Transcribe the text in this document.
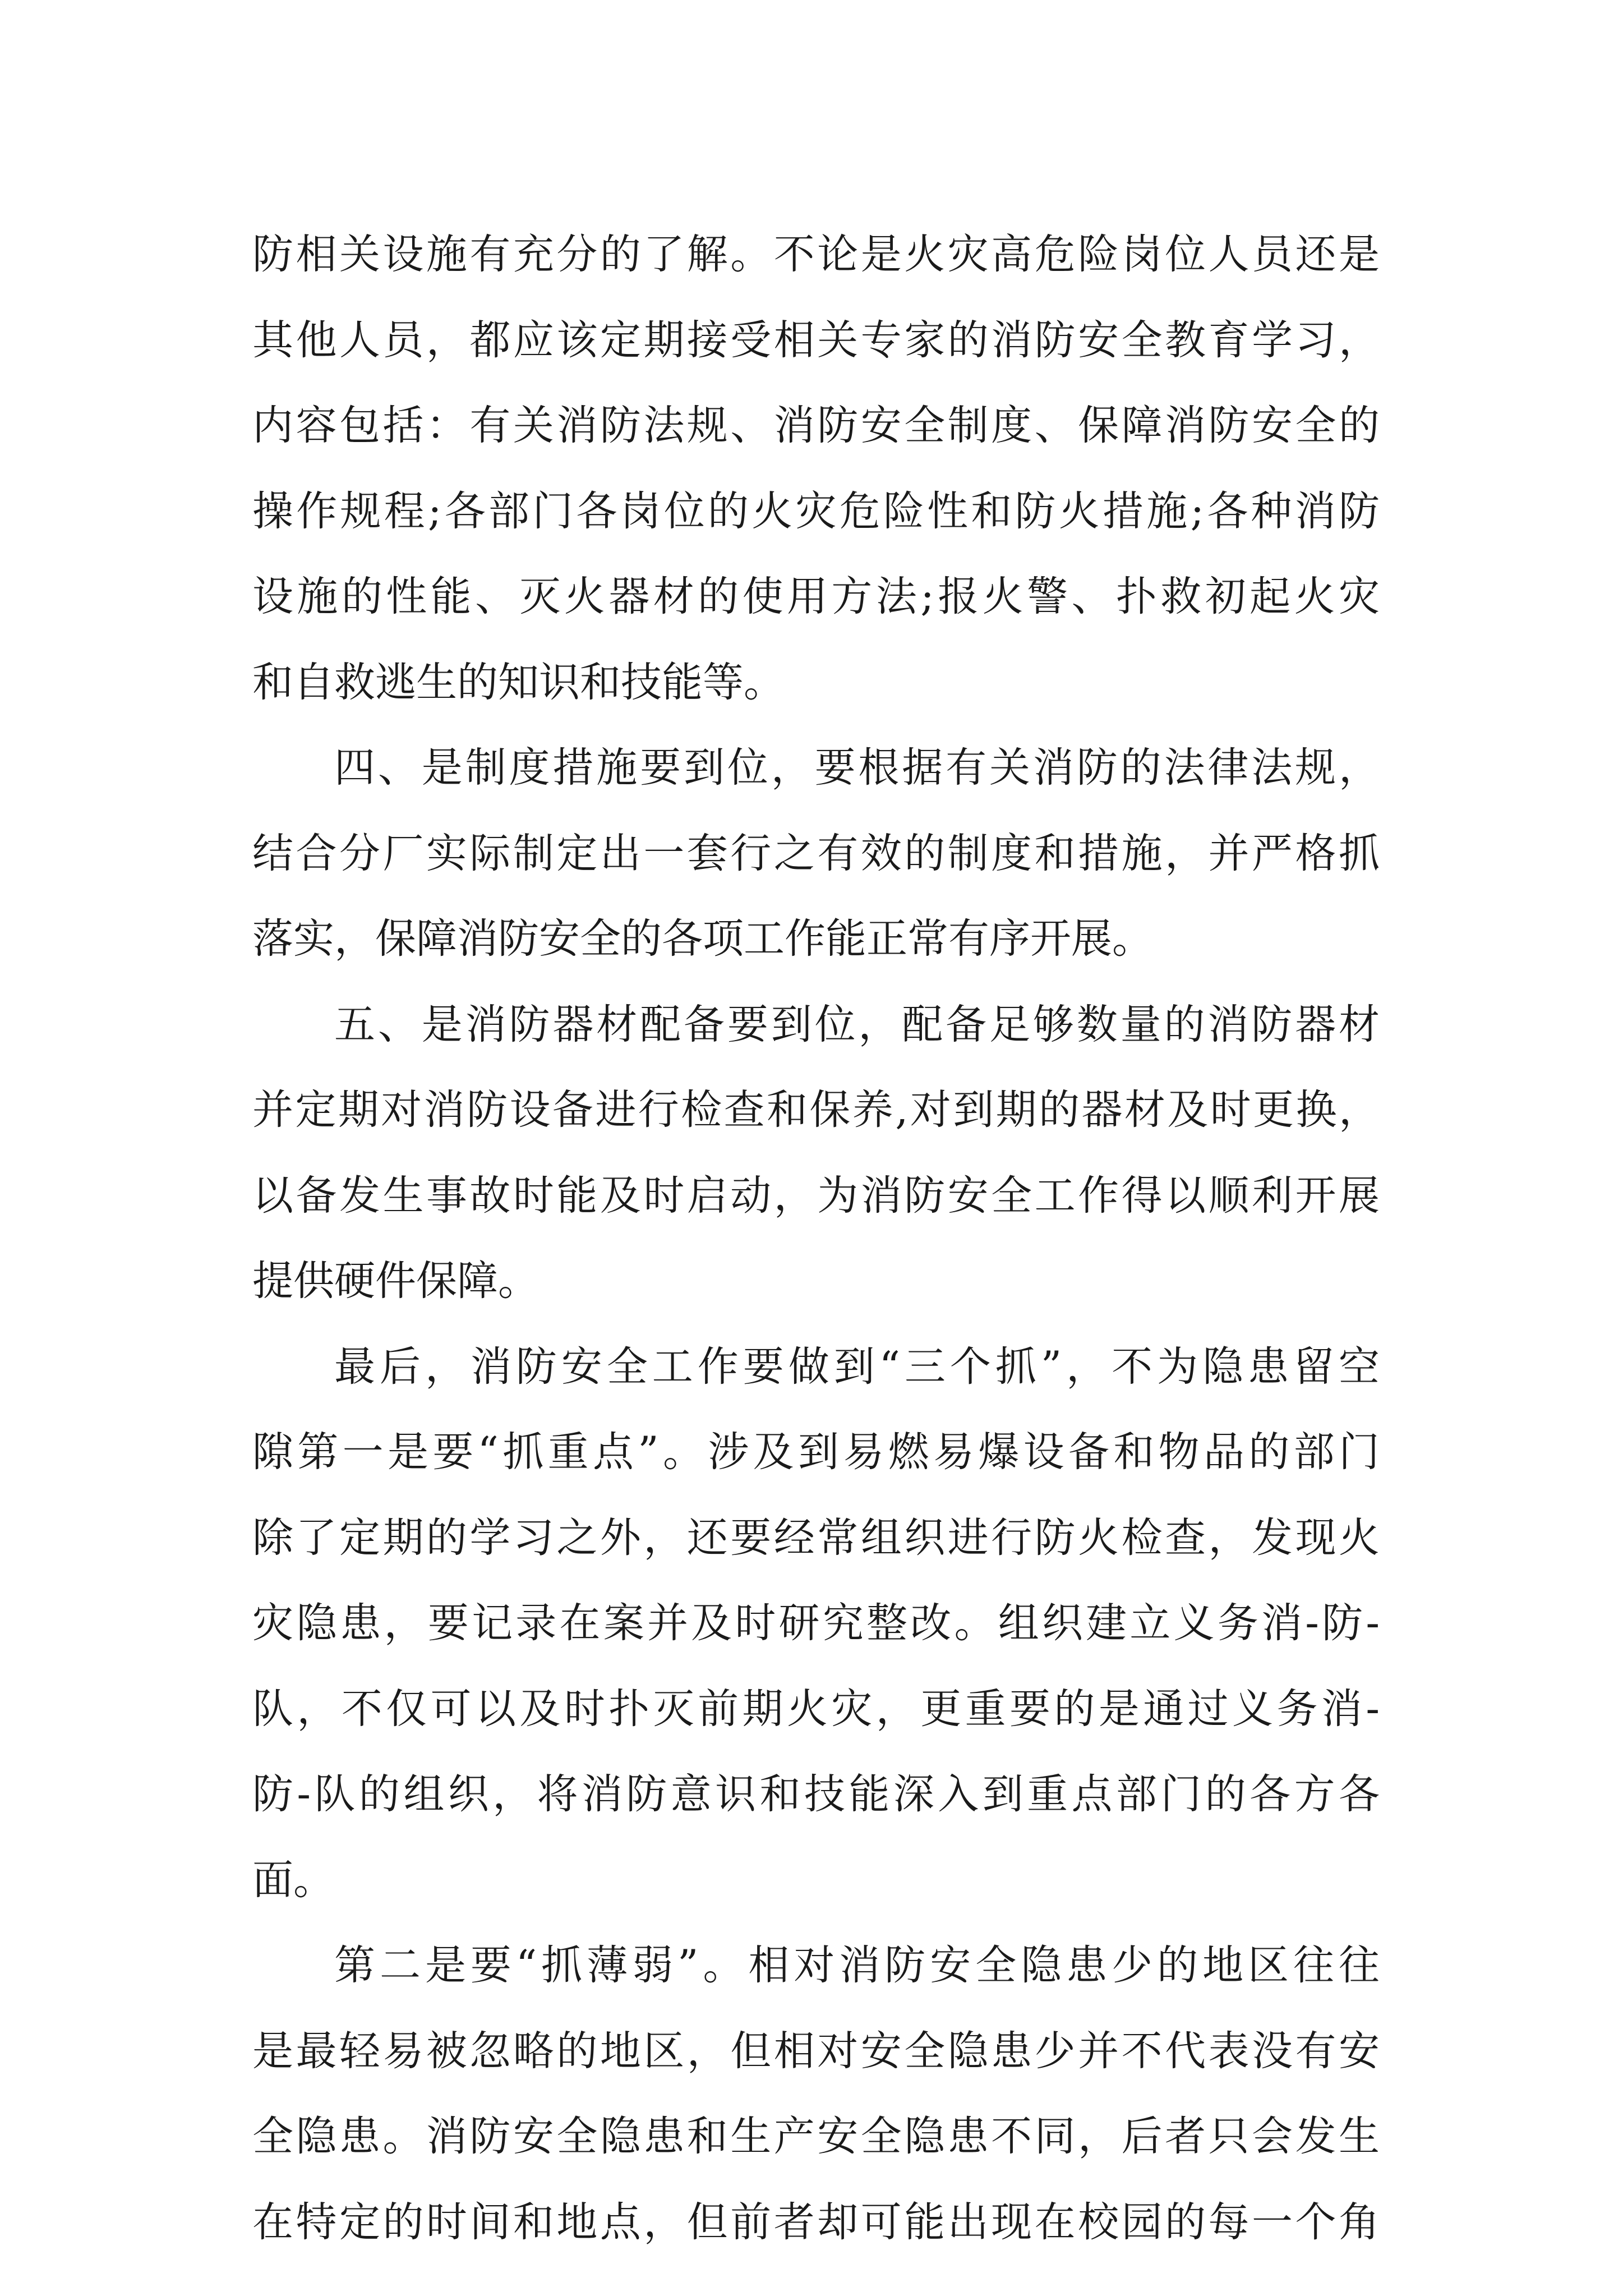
防相关设施有充分的了解。不论是火灾高危险岗位人员还是
其他人员，都应该定期接受相关专家的消防安全教育学习，
内容包括：有关消防法规、消防安全制度、保障消防安全的
操作规程;各部门各岗位的火灾危险性和防火措施;各种消防
设施的性能、灭火器材的使用方法;报火警、扑救初起火灾
和自救逃生的知识和技能等。
四、是制度措施要到位，要根据有关消防的法律法规，
结合分厂实际制定出一套行之有效的制度和措施，并严格抓
落实，保障消防安全的各项工作能正常有序开展。
五、是消防器材配备要到位，配备足够数量的消防器材
并定期对消防设备进行检查和保养,对到期的器材及时更换，
以备发生事故时能及时启动，为消防安全工作得以顺利开展
提供硬件保障。
最后，消防安全工作要做到“三个抓”，不为隐患留空
隙第一是要“抓重点”。涉及到易燃易爆设备和物品的部门
除了定期的学习之外，还要经常组织进行防火检查，发现火
灾隐患，要记录在案并及时研究整改。组织建立义务消-防-
队，不仅可以及时扑灭前期火灾，更重要的是通过义务消-
防-队的组织，将消防意识和技能深入到重点部门的各方各
面。
第二是要“抓薄弱”。相对消防安全隐患少的地区往往
是最轻易被忽略的地区，但相对安全隐患少并不代表没有安
全隐患。消防安全隐患和生产安全隐患不同，后者只会发生
在特定的时间和地点，但前者却可能出现在校园的每一个角
